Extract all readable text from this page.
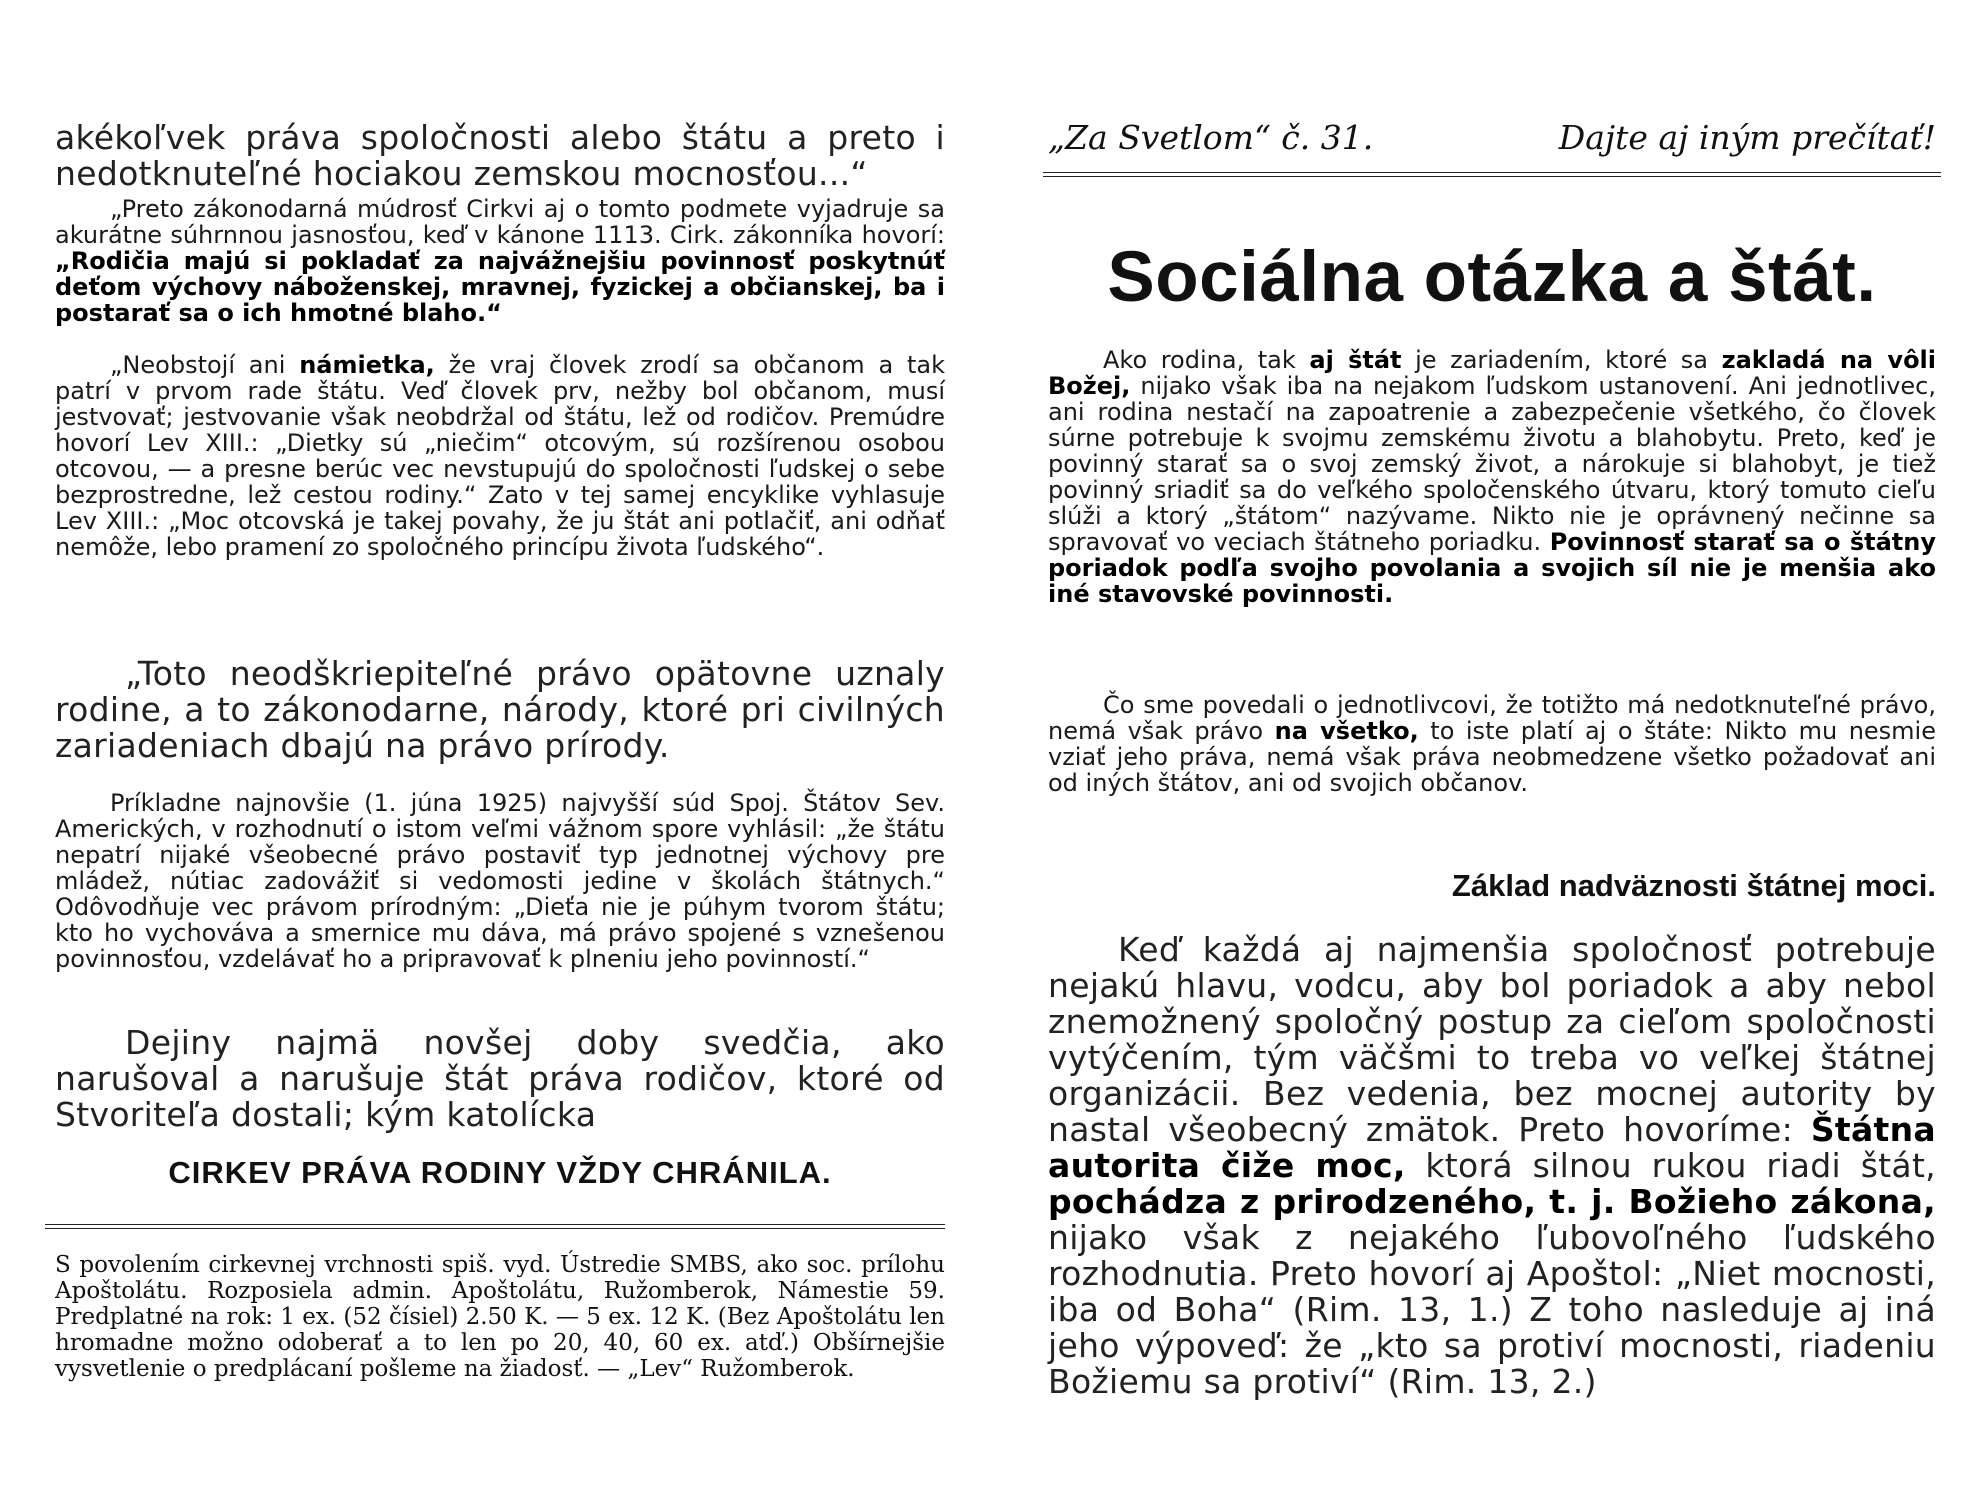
akékoľvek práva spoločnosti alebo štátu a preto i nedotknuteľné hociakou zemskou mocnosťou...“

„Preto zákonodarná múdrosť Cirkvi aj o tomto podmete vyjadruje sa akurátne súhrnnou jasnosťou, keď v kánone 1113. Cirk. zákonníka hovorí: „Rodičia majú si pokladať za najvážnejšiu povinnosť poskytnúť deťom výchovy náboženskej, mravnej, fyzickej a občianskej, ba i postarať sa o ich hmotné blaho.“

„Neobstojí ani námietka, že vraj človek zrodí sa občanom a tak patrí v prvom rade štátu. Veď človek prv, nežby bol občanom, musí jestvovať; jestvovanie však neobdržal od štátu, lež od rodičov. Premúdre hovorí Lev XIII.: „Dietky sú „niečim“ otcovým, sú rozšírenou osobou otcovou, — a presne berúc vec nevstupujú do spoločnosti ľudskej o sebe bezprostredne, lež cestou rodiny.“ Zato v tej samej encyklike vyhlasuje Lev XIII.: „Moc otcovská je takej povahy, že ju štát ani potlačiť, ani odňať nemôže, lebo pramení zo spoločného princípu života ľudského“.

„Toto neodškriepiteľné právo opätovne uznaly rodine, a to zákonodarne, národy, ktoré pri civilných zariadeniach dbajú na právo prírody.

Príkladne najnovšie (1. júna 1925) najvyšší súd Spoj. Štátov Sev. Amerických, v rozhodnutí o istom veľmi vážnom spore vyhlásil: „že štátu nepatrí nijaké všeobecné právo postaviť typ jednotnej výchovy pre mládež, nútiac zadovážiť si vedomosti jedine v školách štátnych.“ Odôvodňuje vec právom prírodným: „Dieťa nie je púhym tvorom štátu; kto ho vychováva a smernice mu dáva, má právo spojené s vznešenou povinnosťou, vzdelávať ho a pripravovať k plneniu jeho povinností.“

Dejiny najmä novšej doby svedčia, ako narušoval a narušuje štát práva rodičov, ktoré od Stvoriteľa dostali; kým katolícka

CIRKEV PRÁVA RODINY VŽDY CHRÁNILA.

S povolením cirkevnej vrchnosti spiš. vyd. Ústredie SMBS, ako soc. prílohu Apoštolátu. Rozposiela admin. Apoštolátu, Ružomberok, Námestie 59. Predplatné na rok: 1 ex. (52 čísiel) 2.50 K. — 5 ex. 12 K. (Bez Apoštolátu len hromadne možno odoberať a to len po 20, 40, 60 ex. atď.) Obšírnejšie vysvetlenie o predplácaní pošleme na žiadosť. — „Lev“ Ružomberok.

„Za Svetlom“ č. 31.	Dajte aj iným prečítať!
Sociálna otázka a štát.

Ako rodina, tak aj štát je zariadením, ktoré sa zakladá na vôli Božej, nijako však iba na nejakom ľudskom ustanovení. Ani jednotlivec, ani rodina nestačí na zapoatrenie a zabezpečenie všetkého, čo človek súrne potrebuje k svojmu zemskému životu a blahobytu. Preto, keď je povinný starať sa o svoj zemský život, a nárokuje si blahobyt, je tiež povinný sriadiť sa do veľkého spoločenského útvaru, ktorý tomuto cieľu slúži a ktorý „štátom“ nazývame. Nikto nie je oprávnený nečinne sa spravovať vo veciach štátneho poriadku. Povinnosť starať sa o štátny poriadok podľa svojho povolania a svojich síl nie je menšia ako iné stavovské povinnosti.

Čo sme povedali o jednotlivcovi, že totižto má nedotknuteľné právo, nemá však právo na všetko, to iste platí aj o štáte: Nikto mu nesmie vziať jeho práva, nemá však práva neobmedzene všetko požadovať ani od iných štátov, ani od svojich občanov.

Základ nadväznosti štátnej moci.

Keď každá aj najmenšia spoločnosť potrebuje nejakú hlavu, vodcu, aby bol poriadok a aby nebol znemožnený spoločný postup za cieľom spoločnosti vytýčením, tým väčšmi to treba vo veľkej štátnej organizácii. Bez vedenia, bez mocnej autority by nastal všeobecný zmätok. Preto hovoríme: Štátna autorita čiže moc, ktorá silnou rukou riadi štát, pochádza z prirodzeného, t. j. Božieho zákona, nijako však z nejakého ľubovoľného ľudského rozhodnutia. Preto hovorí aj Apoštol: „Niet mocnosti, iba od Boha“ (Rim. 13, 1.) Z toho nasleduje aj iná jeho výpoveď: že „kto sa protiví mocnosti, riadeniu Božiemu sa protiví“ (Rim. 13, 2.)
